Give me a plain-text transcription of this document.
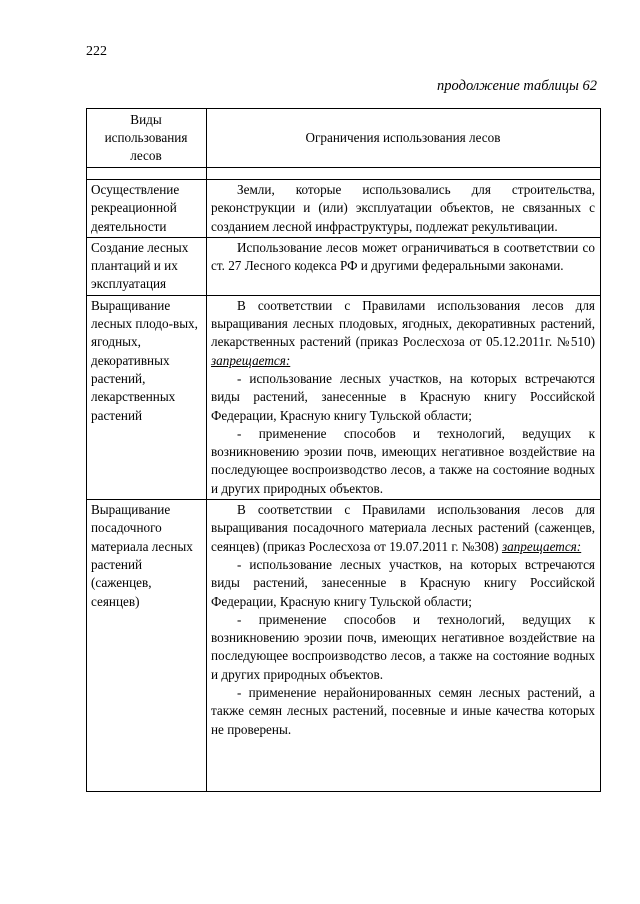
222
продолжение таблицы 62
Виды использования лесов	Ограничения использования лесов

Осуществление рекреационной деятельности	Земли, которые использовались для строительства, реконструкции и (или) эксплуатации объектов, не связанных с созданием лесной инфраструктуры, подлежат рекультивации.

Создание лесных плантаций и их эксплуатация	Использование лесов может ограничиваться в соответствии со ст. 27 Лесного кодекса РФ и другими федеральными законами.

Выращивание лесных плодо-вых, ягодных, декоративных растений, лекарственных растений	В соответствии с Правилами использования лесов для выращивания лесных плодовых, ягодных, декоративных растений, лекарственных растений (приказ Рослесхоза от 05.12.2011г. №510) запрещается:

- использование лесных участков, на которых встречаются виды растений, занесенные в Красную книгу Российской Федерации, Красную книгу Тульской области;

- применение способов и технологий, ведущих к возникновению эрозии почв, имеющих негативное воздействие на последующее воспроизводство лесов, а также на состояние водных и других природных объектов.

Выращивание посадочного материала лесных растений (саженцев, сеянцев)	В соответствии с Правилами использования лесов для выращивания посадочного материала лесных растений (саженцев, сеянцев) (приказ Рослесхоза от 19.07.2011 г. №308) запрещается:

- использование лесных участков, на которых встречаются виды растений, занесенные в Красную книгу Российской Федерации, Красную книгу Тульской области;

- применение способов и технологий, ведущих к возникновению эрозии почв, имеющих негативное воздействие на последующее воспроизводство лесов, а также на состояние водных и других природных объектов.

- применение нерайонированных семян лесных растений, а также семян лесных растений, посевные и иные качества которых не проверены.
